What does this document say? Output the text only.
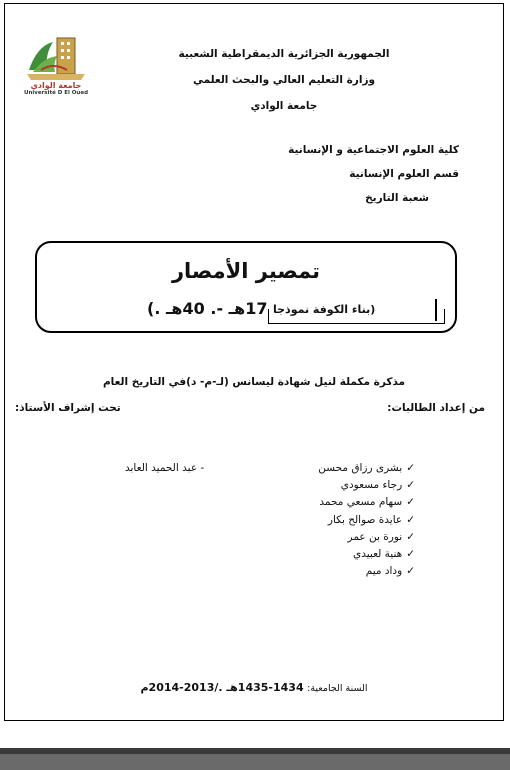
جامعة الوادي
Université D El Oued
الجمهورية الجزائرية الديمقراطية الشعبية
وزارة التعليم العالي والبحث العلمي
جامعة الوادي
كلية العلوم الاجتماعية و الإنسانية
قسم العلوم الإنسانية
شعبة التاريخ
تمصير الأمصار
17هـ -. 40هـ .) (بناء الكوفة نموذجا
مذكرة مكملة لنيل شهادة ليسانس (لـ-م- د)في التاريخ العام
من إعداد الطالبات:
تحت إشراف الأستاذ:
✓بشرى رزاق محسن
✓رجاء مسعودي
✓سهام مسعي محمد
✓عايدة صوالح بكار
✓نورة بن عمر
✓هنية لعبيدي
✓وداد ميم
- عبد الحميد العابد
السنة الجامعية: 1434-1435هـ ./2013-2014م
